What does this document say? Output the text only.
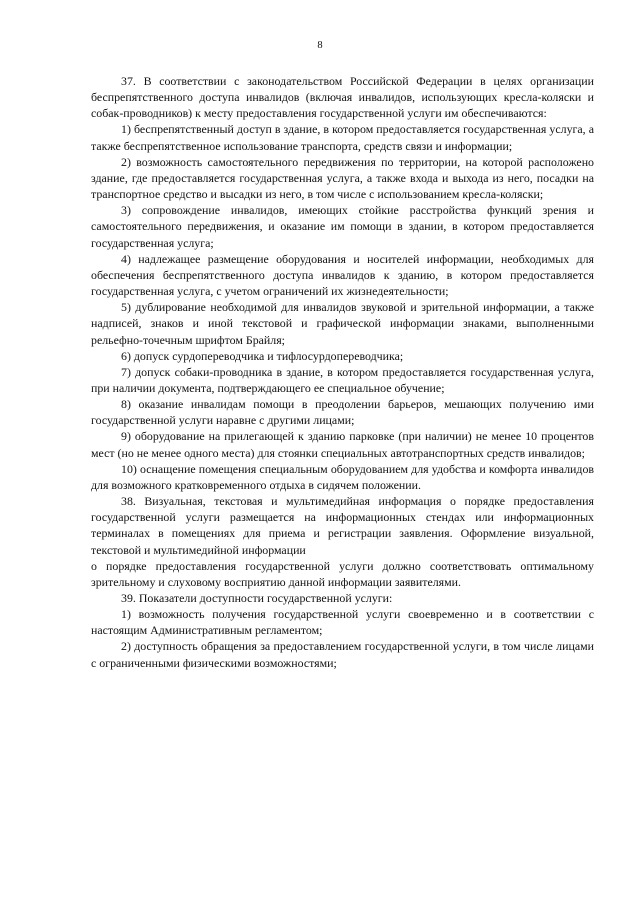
8

37. В соответствии с законодательством Российской Федерации в целях организации беспрепятственного доступа инвалидов (включая инвалидов, использующих кресла-коляски и собак-проводников) к месту предоставления государственной услуги им обеспечиваются:

1) беспрепятственный доступ в здание, в котором предоставляется государственная услуга, а также беспрепятственное использование транспорта, средств связи и информации;

2) возможность самостоятельного передвижения по территории, на которой расположено здание, где предоставляется государственная услуга, а также входа и выхода из него, посадки на транспортное средство и высадки из него, в том числе с использованием кресла-коляски;

3) сопровождение инвалидов, имеющих стойкие расстройства функций зрения и самостоятельного передвижения, и оказание им помощи в здании, в котором предоставляется государственная услуга;

4) надлежащее размещение оборудования и носителей информации, необходимых для обеспечения беспрепятственного доступа инвалидов к зданию, в котором предоставляется государственная услуга, с учетом ограничений их жизнедеятельности;

5) дублирование необходимой для инвалидов звуковой и зрительной информации, а также надписей, знаков и иной текстовой и графической информации знаками, выполненными рельефно-точечным шрифтом Брайля;

6) допуск сурдопереводчика и тифлосурдопереводчика;

7) допуск собаки-проводника в здание, в котором предоставляется государственная услуга, при наличии документа, подтверждающего ее специальное обучение;

8) оказание инвалидам помощи в преодолении барьеров, мешающих получению ими государственной услуги наравне с другими лицами;

9) оборудование на прилегающей к зданию парковке (при наличии) не менее 10 процентов мест (но не менее одного места) для стоянки специальных автотранспортных средств инвалидов;

10) оснащение помещения специальным оборудованием для удобства и комфорта инвалидов для возможного кратковременного отдыха в сидячем положении.

38. Визуальная, текстовая и мультимедийная информация о порядке предоставления государственной услуги размещается на информационных стендах или информационных терминалах в помещениях для приема и регистрации заявления. Оформление визуальной, текстовой и мультимедийной информации

о порядке предоставления государственной услуги должно соответствовать оптимальному зрительному и слуховому восприятию данной информации заявителями.

39. Показатели доступности государственной услуги:

1) возможность получения государственной услуги своевременно и в соответствии с настоящим Административным регламентом;

2) доступность обращения за предоставлением государственной услуги, в том числе лицами с ограниченными физическими возможностями;
